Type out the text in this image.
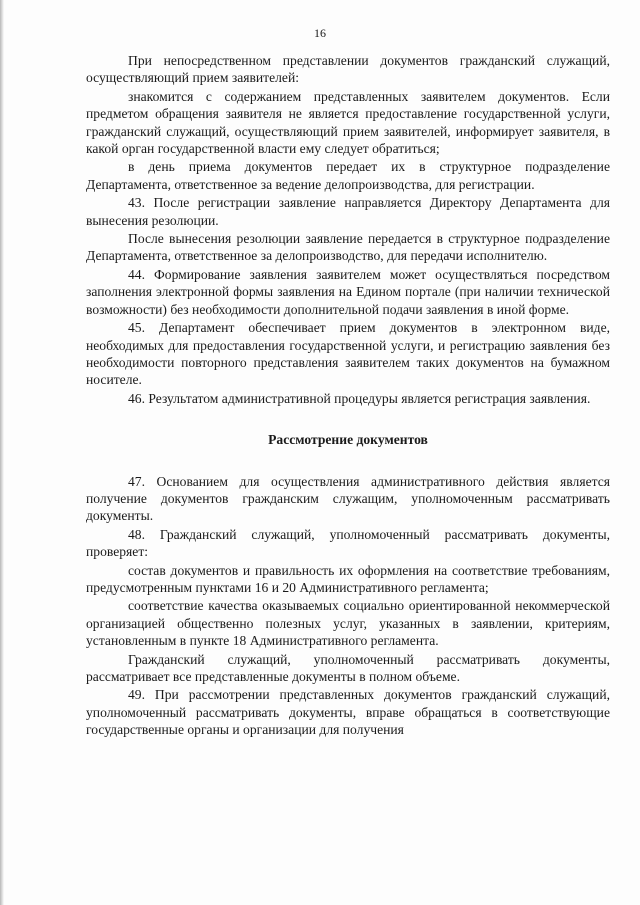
16

При непосредственном представлении документов гражданский служащий, осуществляющий прием заявителей:

знакомится с содержанием представленных заявителем документов. Если предметом обращения заявителя не является предоставление государственной услуги, гражданский служащий, осуществляющий прием заявителей, информирует заявителя, в какой орган государственной власти ему следует обратиться;

в день приема документов передает их в структурное подразделение Департамента, ответственное за ведение делопроизводства, для регистрации.

43. После регистрации заявление направляется Директору Департамента для вынесения резолюции.

После вынесения резолюции заявление передается в структурное подразделение Департамента, ответственное за делопроизводство, для передачи исполнителю.

44. Формирование заявления заявителем может осуществляться посредством заполнения электронной формы заявления на Едином портале (при наличии технической возможности) без необходимости дополнительной подачи заявления в иной форме.

45. Департамент обеспечивает прием документов в электронном виде, необходимых для предоставления государственной услуги, и регистрацию заявления без необходимости повторного представления заявителем таких документов на бумажном носителе.

46. Результатом административной процедуры является регистрация заявления.

Рассмотрение документов

47. Основанием для осуществления административного действия является получение документов гражданским служащим, уполномоченным рассматривать документы.

48. Гражданский служащий, уполномоченный рассматривать документы, проверяет:

состав документов и правильность их оформления на соответствие требованиям, предусмотренным пунктами 16 и 20 Административного регламента;

соответствие качества оказываемых социально ориентированной некоммерческой организацией общественно полезных услуг, указанных в заявлении, критериям, установленным в пункте 18 Административного регламента.

Гражданский служащий, уполномоченный рассматривать документы, рассматривает все представленные документы в полном объеме.

49. При рассмотрении представленных документов гражданский служащий, уполномоченный рассматривать документы, вправе обращаться в соответствующие государственные органы и организации для получения
